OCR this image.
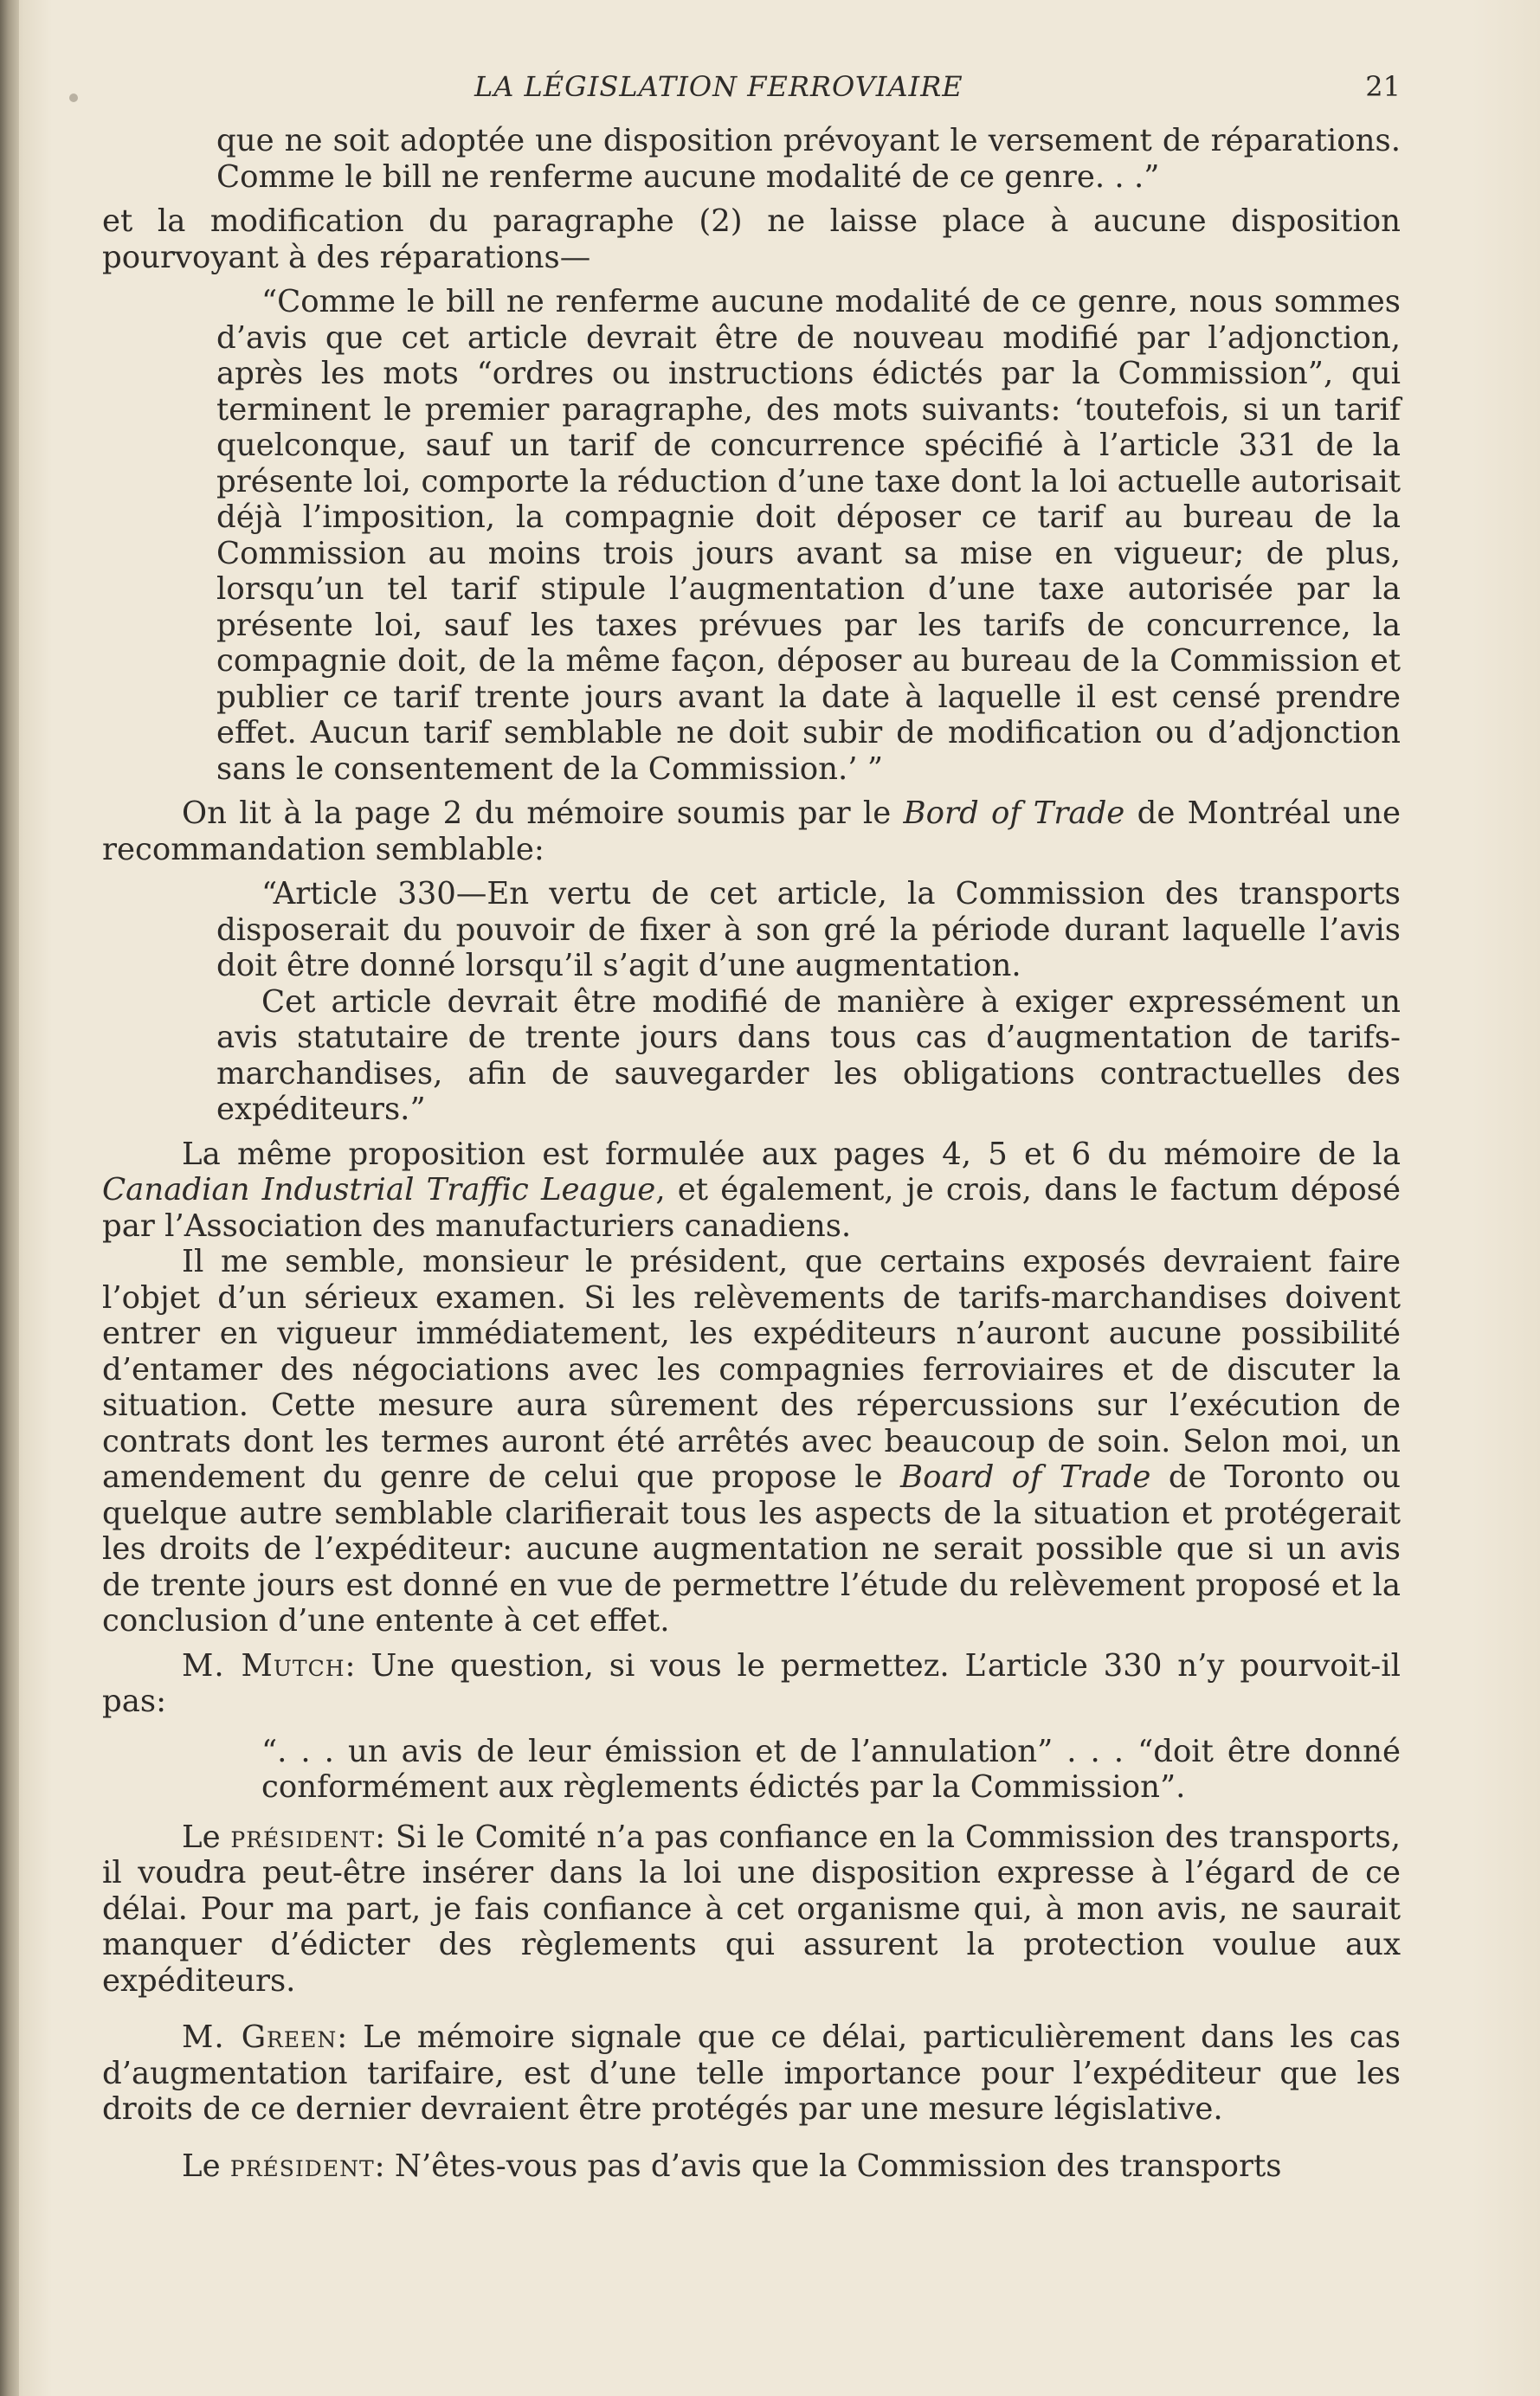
LA LÉGISLATION FERROVIAIRE	21

que ne soit adoptée une disposition prévoyant le versement de réparations. Comme le bill ne renferme aucune modalité de ce genre. . .”

et la modification du paragraphe (2) ne laisse place à aucune disposition pourvoyant à des réparations—

“Comme le bill ne renferme aucune modalité de ce genre, nous sommes d’avis que cet article devrait être de nouveau modifié par l’adjonction, après les mots “ordres ou instructions édictés par la Commission”, qui terminent le premier paragraphe, des mots suivants: ‘toutefois, si un tarif quelconque, sauf un tarif de concurrence spécifié à l’article 331 de la présente loi, comporte la réduction d’une taxe dont la loi actuelle autorisait déjà l’imposition, la compagnie doit déposer ce tarif au bureau de la Commission au moins trois jours avant sa mise en vigueur; de plus, lorsqu’un tel tarif stipule l’augmentation d’une taxe autorisée par la présente loi, sauf les taxes prévues par les tarifs de concurrence, la compagnie doit, de la même façon, déposer au bureau de la Commission et publier ce tarif trente jours avant la date à laquelle il est censé prendre effet. Aucun tarif semblable ne doit subir de modification ou d’adjonction sans le consentement de la Commission.’ ”

On lit à la page 2 du mémoire soumis par le Bord of Trade de Montréal une recommandation semblable:

“Article 330—En vertu de cet article, la Commission des transports disposerait du pouvoir de fixer à son gré la période durant laquelle l’avis doit être donné lorsqu’il s’agit d’une augmentation.

Cet article devrait être modifié de manière à exiger expressément un avis statutaire de trente jours dans tous cas d’augmentation de tarifs-marchandises, afin de sauvegarder les obligations contractuelles des expéditeurs.”

La même proposition est formulée aux pages 4, 5 et 6 du mémoire de la Canadian Industrial Traffic League, et également, je crois, dans le factum déposé par l’Association des manufacturiers canadiens.

Il me semble, monsieur le président, que certains exposés devraient faire l’objet d’un sérieux examen. Si les relèvements de tarifs-marchandises doivent entrer en vigueur immédiatement, les expéditeurs n’auront aucune possibilité d’entamer des négociations avec les compagnies ferroviaires et de discuter la situation. Cette mesure aura sûrement des répercussions sur l’exécution de contrats dont les termes auront été arrêtés avec beaucoup de soin. Selon moi, un amendement du genre de celui que propose le Board of Trade de Toronto ou quelque autre semblable clarifierait tous les aspects de la situation et protégerait les droits de l’expéditeur: aucune augmentation ne serait possible que si un avis de trente jours est donné en vue de permettre l’étude du relèvement proposé et la conclusion d’une entente à cet effet.

M. Mutch: Une question, si vous le permettez. L’article 330 n’y pourvoit-il pas:

“. . . un avis de leur émission et de l’annulation” . . . “doit être donné conformément aux règlements édictés par la Commission”.

Le président: Si le Comité n’a pas confiance en la Commission des transports, il voudra peut-être insérer dans la loi une disposition expresse à l’égard de ce délai. Pour ma part, je fais confiance à cet organisme qui, à mon avis, ne saurait manquer d’édicter des règlements qui assurent la protection voulue aux expéditeurs.

M. Green: Le mémoire signale que ce délai, particulièrement dans les cas d’augmentation tarifaire, est d’une telle importance pour l’expéditeur que les droits de ce dernier devraient être protégés par une mesure législative.

Le président: N’êtes-vous pas d’avis que la Commission des transports
